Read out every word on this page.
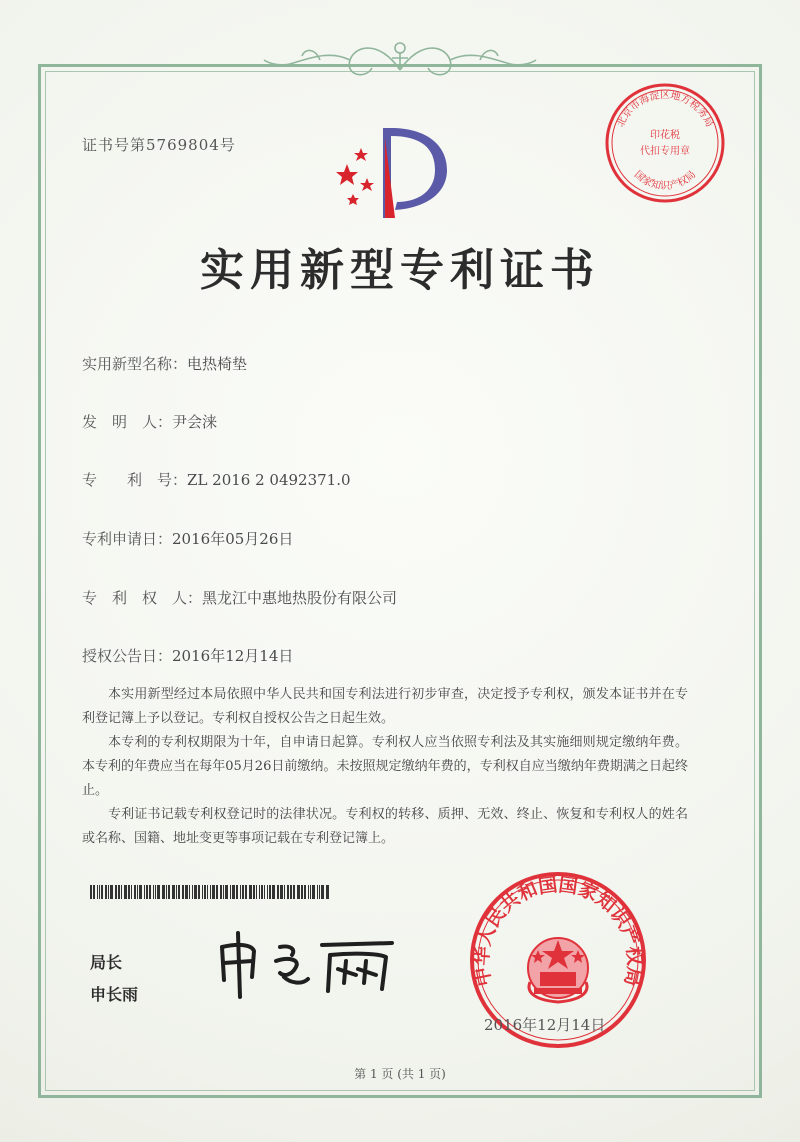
北京市海淀区地方税务局
印花税
代扣专用章
国家知识产权局
证书号第5769804号
实用新型专利证书
实用新型名称：电热椅垫
发　明　人：尹会涞
专　　利　号：ZL 2016 2 0492371.0
专利申请日：2016年05月26日
专　利　权　人：黑龙江中惠地热股份有限公司
授权公告日：2016年12月14日
本实用新型经过本局依照中华人民共和国专利法进行初步审查，决定授予专利权，颁发本证书并在专利登记簿上予以登记。专利权自授权公告之日起生效。
本专利的专利权期限为十年，自申请日起算。专利权人应当依照专利法及其实施细则规定缴纳年费。本专利的年费应当在每年05月26日前缴纳。未按照规定缴纳年费的，专利权自应当缴纳年费期满之日起终止。
专利证书记载专利权登记时的法律状况。专利权的转移、质押、无效、终止、恢复和专利权人的姓名或名称、国籍、地址变更等事项记载在专利登记簿上。
局长
申长雨
中华人民共和国国家知识产权局
2016年12月14日
第 1 页 (共 1 页)
